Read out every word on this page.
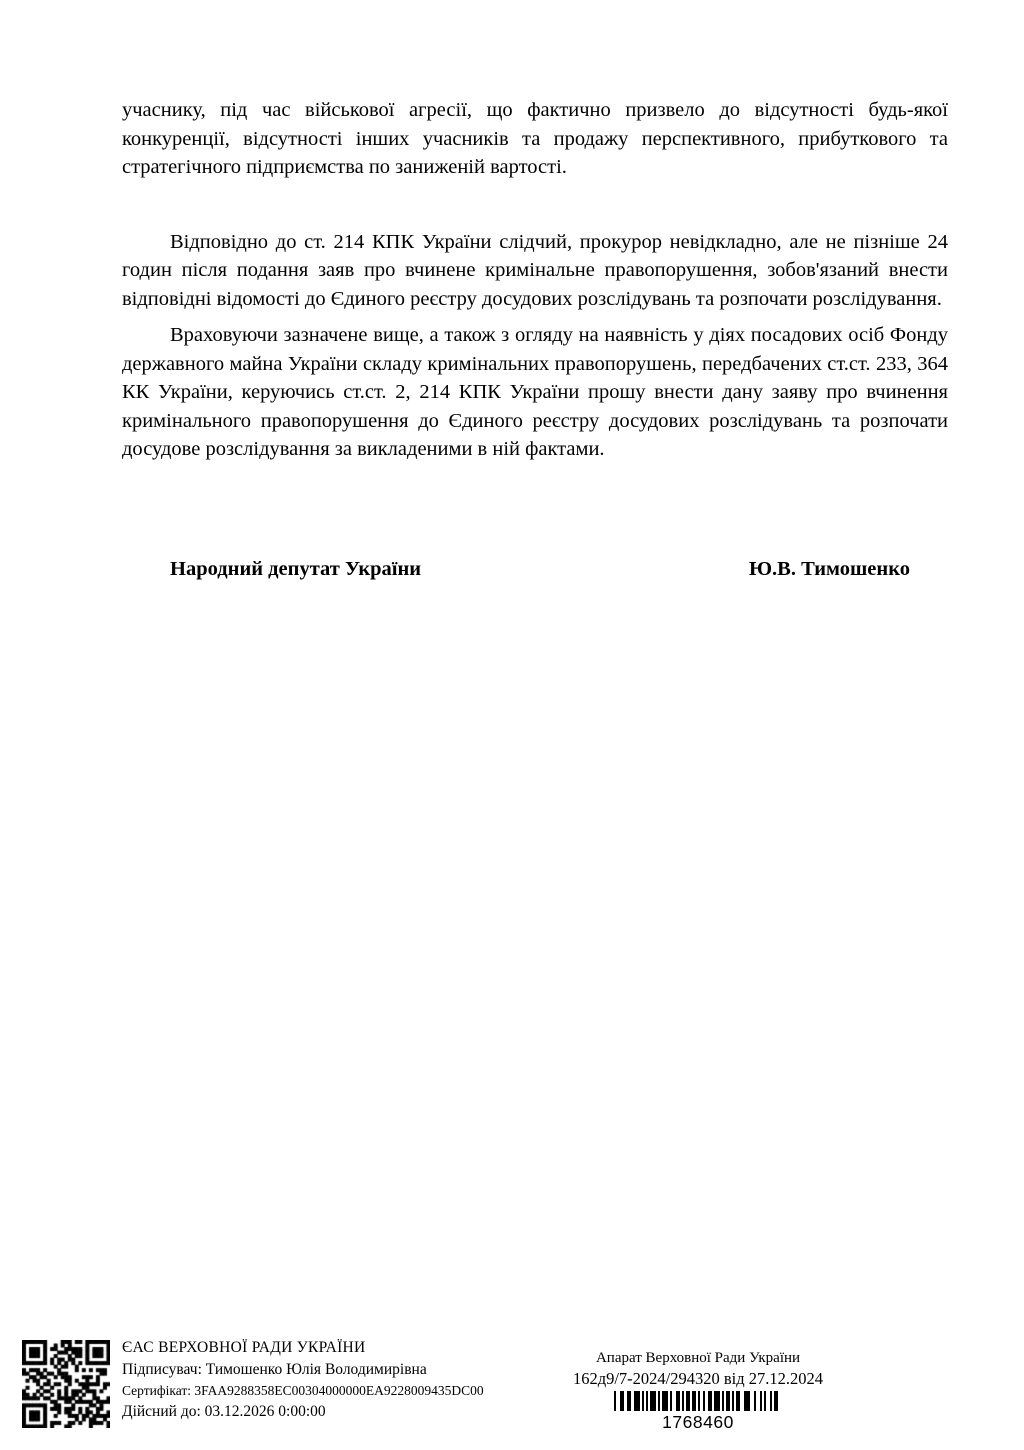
учаснику, під час військової агресії, що фактично призвело до відсутності будь-якої конкуренції, відсутності інших учасників та продажу перспективного, прибуткового та стратегічного підприємства по заниженій вартості.

Відповідно до ст. 214 КПК України слідчий, прокурор невідкладно, але не пізніше 24 годин після подання заяв про вчинене кримінальне правопорушення, зобов'язаний внести відповідні відомості до Єдиного реєстру досудових розслідувань та розпочати розслідування.

Враховуючи зазначене вище, а також з огляду на наявність у діях посадових осіб Фонду державного майна України складу кримінальних правопорушень, передбачених ст.ст. 233, 364 КК України, керуючись ст.ст. 2, 214 КПК України прошу внести дану заяву про вчинення кримінального правопорушення до Єдиного реєстру досудових розслідувань та розпочати досудове розслідування за викладеними в ній фактами.

Народний депутат України	Ю.В. Тимошенко
ЄАС ВЕРХОВНОЇ РАДИ УКРАЇНИ
Підписувач: Тимошенко Юлія Володимирівна
Сертифікат: 3FAA9288358EC00304000000EA9228009435DC00
Дійсний до: 03.12.2026 0:00:00
Апарат Верховної Ради України
162д9/7-2024/294320 від 27.12.2024
1768460
